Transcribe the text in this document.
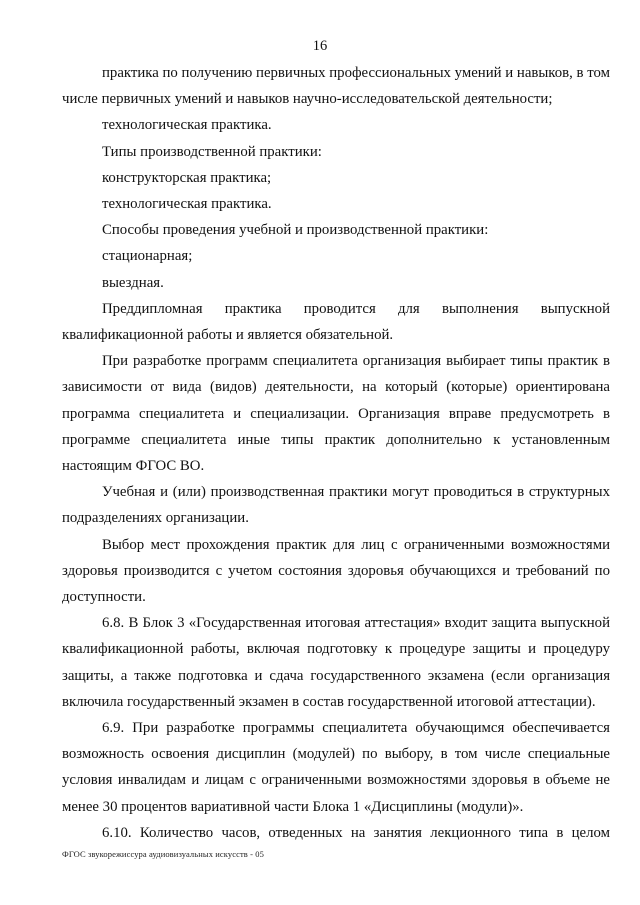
16

практика по получению первичных профессиональных умений и навыков, в том числе первичных умений и навыков научно-исследовательской деятельности;

технологическая практика.

Типы производственной практики:

конструкторская практика;

технологическая практика.

Способы проведения учебной и производственной практики:

стационарная;

выездная.

Преддипломная практика проводится для выполнения выпускной квалификационной работы и является обязательной.

При разработке программ специалитета организация выбирает типы практик в зависимости от вида (видов) деятельности, на который (которые) ориентирована программа специалитета и специализации. Организация вправе предусмотреть в программе специалитета иные типы практик дополнительно к установленным настоящим ФГОС ВО.

Учебная и (или) производственная практики могут проводиться в структурных подразделениях организации.

Выбор мест прохождения практик для лиц с ограниченными возможностями здоровья производится с учетом состояния здоровья обучающихся и требований по доступности.

6.8. В Блок 3 «Государственная итоговая аттестация» входит защита выпускной квалификационной работы, включая подготовку к процедуре защиты и процедуру защиты, а также подготовка и сдача государственного экзамена (если организация включила государственный экзамен в состав государственной итоговой аттестации).

6.9. При разработке программы специалитета обучающимся обеспечивается возможность освоения дисциплин (модулей) по выбору, в том числе специальные условия инвалидам и лицам с ограниченными возможностями здоровья в объеме не менее 30 процентов вариативной части Блока 1 «Дисциплины (модули)».

6.10. Количество часов, отведенных на занятия лекционного типа в целом

ФГОС звукорежиссура аудиовизуальных искусств - 05
